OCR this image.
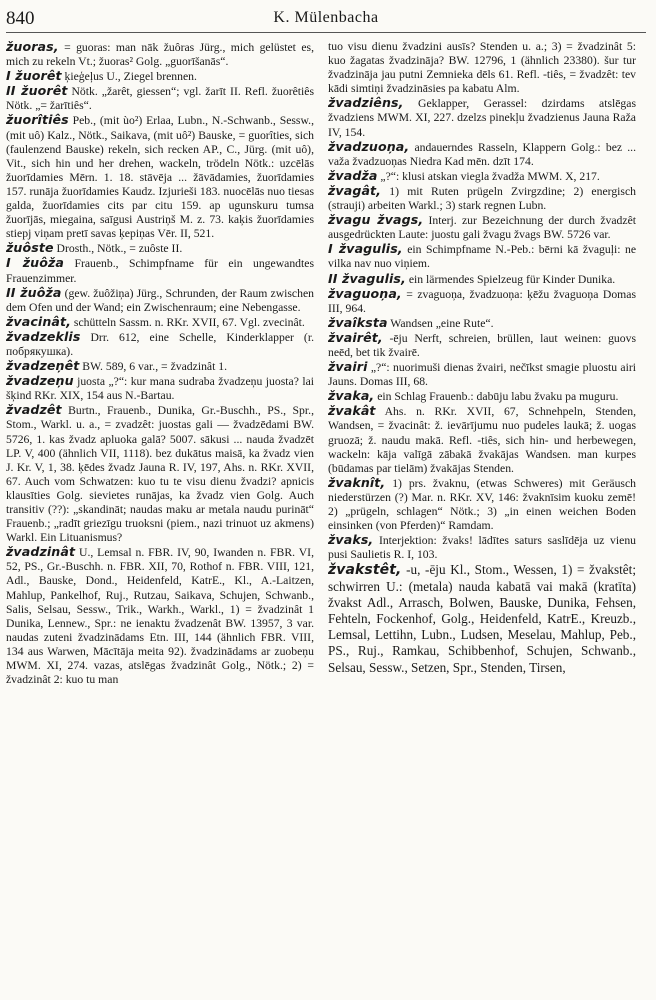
840	K. Mülenbacha

žuoras, = guoras: man nāk žuôras Jürg., mich gelüstet es, mich zu rekeln Vt.; žuoras² Golg. „guorīšanās“.

I žuorêt ķieģeļus U., Ziegel brennen.

II žuorêt Nötk. „žarêt, giessen“; vgl. žarīt II. Refl. žuorêtiês Nötk. „= žarītiês“.

žuorîtiês Peb., (mit ùo²) Erlaa, Lubn., N.-Schwanb., Sessw., (mit uô) Kalz., Nötk., Saikava, (mit uô²) Bauske, = guorîties, sich (faulenzend Bauske) rekeln, sich recken AP., C., Jürg. (mit uô), Vit., sich hin und her drehen, wackeln, trödeln Nötk.: uzcēlās žuorīdamies Mērn. 1. 18. stāvēja ... žāvādamies, žuorīdamies 157. runāja žuorīdamies Kaudz. Izjurieši 183. nuocēlās nuo tiesas galda, žuorīdamies cits par citu 159. ap ugunskuru tumsa žuorījās, miegaina, saīgusi Austriņš M. z. 73. kaķis žuorīdamies stiepj viņam pretī savas ķepiņas Vēr. II, 521.

žuôste Drosth., Nötk., = zuôste II.

I žuôža Frauenb., Schimpfname für ein ungewandtes Frauenzimmer.

II žuôža (gew. žuôžiņa) Jürg., Schrunden, der Raum zwischen dem Ofen und der Wand; ein Zwischenraum; eine Nebengasse.

žvacinât, schütteln Sassm. n. RKr. XVII, 67. Vgl. zvecinât.

žvadzeklis Drr. 612, eine Schelle, Kinderklapper (r. побрякушка).

žvadzeņêt BW. 589, 6 var., = žvadzinât 1.

žvadzeņu juosta „?“: kur mana sudraba žvadzeņu juosta? lai šķind RKr. XIX, 154 aus N.-Bartau.

žvadzêt Burtn., Frauenb., Dunika, Gr.-Buschh., PS., Spr., Stom., Warkl. u. a., = zvadzêt: juostas gali — žvadzēdami BW. 5726, 1. kas žvadz apluoka galā? 5007. sākusi ... nauda žvadzēt LP. V, 400 (ähnlich VII, 1118). bez dukātus maisā, ka žvadz vien J. Kr. V, 1, 38. ķēdes žvadz Jauna R. IV, 197, Ahs. n. RKr. XVII, 67. Auch vom Schwatzen: kuo tu te visu dienu žvadzi? apnicis klausīties Golg. sievietes runājas, ka žvadz vien Golg. Auch transitiv (??): „skandināt; naudas maku ar metala naudu purināt“ Frauenb.; „radīt griezīgu truoksni (piem., nazi trinuot uz akmens) Warkl. Ein Lituanismus?

žvadzinât U., Lemsal n. FBR. IV, 90, Iwanden n. FBR. VI, 52, PS., Gr.-Buschh. n. FBR. XII, 70, Rothof n. FBR. VIII, 121, Adl., Bauske, Dond., Heidenfeld, KatrE., Kl., A.-Laitzen, Mahlup, Pankelhof, Ruj., Rutzau, Saikava, Schujen, Schwanb., Salis, Selsau, Sessw., Trik., Warkh., Warkl., 1) = žvadzinât 1 Dunika, Lennew., Spr.: ne ienaktu žvadzenât BW. 13957, 3 var. naudas zuteni žvadzinādams Etn. III, 144 (ähnlich FBR. VIII, 134 aus Warwen, Mācītāja meita 92). žvadzinādams ar zuobeņu MWM. XI, 274. vazas, atslēgas žvadzinât Golg., Nötk.; 2) = žvadzinât 2: kuo tu man

tuo visu dienu žvadzini ausīs? Stenden u. a.; 3) = žvadzinât 5: kuo žagatas žvadzināja? BW. 12796, 1 (ähnlich 23380). šur tur žvadzināja jau putni Zemnieka dēls 61. Refl. -tiês, = žvadzêt: tev kādi simtiņi žvadzināsies pa kabatu Alm.

žvadziêns, Geklapper, Gerassel: dzirdams atslēgas žvadziens MWM. XI, 227. dzelzs pinekļu žvadzienus Jauna Raža IV, 154.

žvadzuoņa, andauerndes Rasseln, Klappern Golg.: bez ... važa žvadzuoņas Niedra Kad mēn. dzīt 174.

žvadža „?“: klusi atskan viegla žvadža MWM. X, 217.

žvagât, 1) mit Ruten prügeln Zvirgzdine; 2) energisch (strauji) arbeiten Warkl.; 3) stark regnen Lubn.

žvagu žvags, Interj. zur Bezeichnung der durch žvadzêt ausgedrückten Laute: juostu gali žvagu žvags BW. 5726 var.

I žvagulis, ein Schimpfname N.-Peb.: bērni kā žvaguļi: ne vilka nav nuo viņiem.

II žvagulis, ein lärmendes Spielzeug für Kinder Dunika.

žvaguoņa, = zvaguoņa, žvadzuoņa: ķēžu žvaguoņa Domas III, 964.

žvaîksta Wandsen „eine Rute“.

žvairêt, -ēju Nerft, schreien, brüllen, laut weinen: guovs neēd, bet tik žvairē.

žvairi „?“: nuorimuši dienas žvairi, nečīkst smagie pluostu airi Jauns. Domas III, 68.

žvaka, ein Schlag Frauenb.: dabūju labu žvaku pa muguru.

žvakât Ahs. n. RKr. XVII, 67, Schnehpeln, Stenden, Wandsen, = žvacinât: ž. ievārījumu nuo pudeles laukā; ž. uogas gruozā; ž. naudu makā. Refl. -tiês, sich hin- und herbewegen, wackeln: kāja valīgā zābakā žvakājas Wandsen. man kurpes (būdamas par tielām) žvakājas Stenden.

žvaknît, 1) prs. žvaknu, (etwas Schweres) mit Geräusch niederstürzen (?) Mar. n. RKr. XV, 146: žvaknīsim kuoku zemē! 2) „prügeln, schlagen“ Nötk.; 3) „in einen weichen Boden einsinken (von Pferden)“ Ramdam.

žvaks, Interjektion: žvaks! lādītes saturs saslīdēja uz vienu pusi Saulietis R. I, 103.

žvakstêt, -u, -ēju Kl., Stom., Wessen, 1) = žvakstêt; schwirren U.: (metala) nauda kabatā vai makā (kratīta) žvakst Adl., Arrasch, Bolwen, Bauske, Dunika, Fehsen, Fehteln, Fockenhof, Golg., Heidenfeld, KatrE., Kreuzb., Lemsal, Lettihn, Lubn., Ludsen, Meselau, Mahlup, Peb., PS., Ruj., Ramkau, Schibbenhof, Schujen, Schwanb., Selsau, Sessw., Setzen, Spr., Stenden, Tirsen,
